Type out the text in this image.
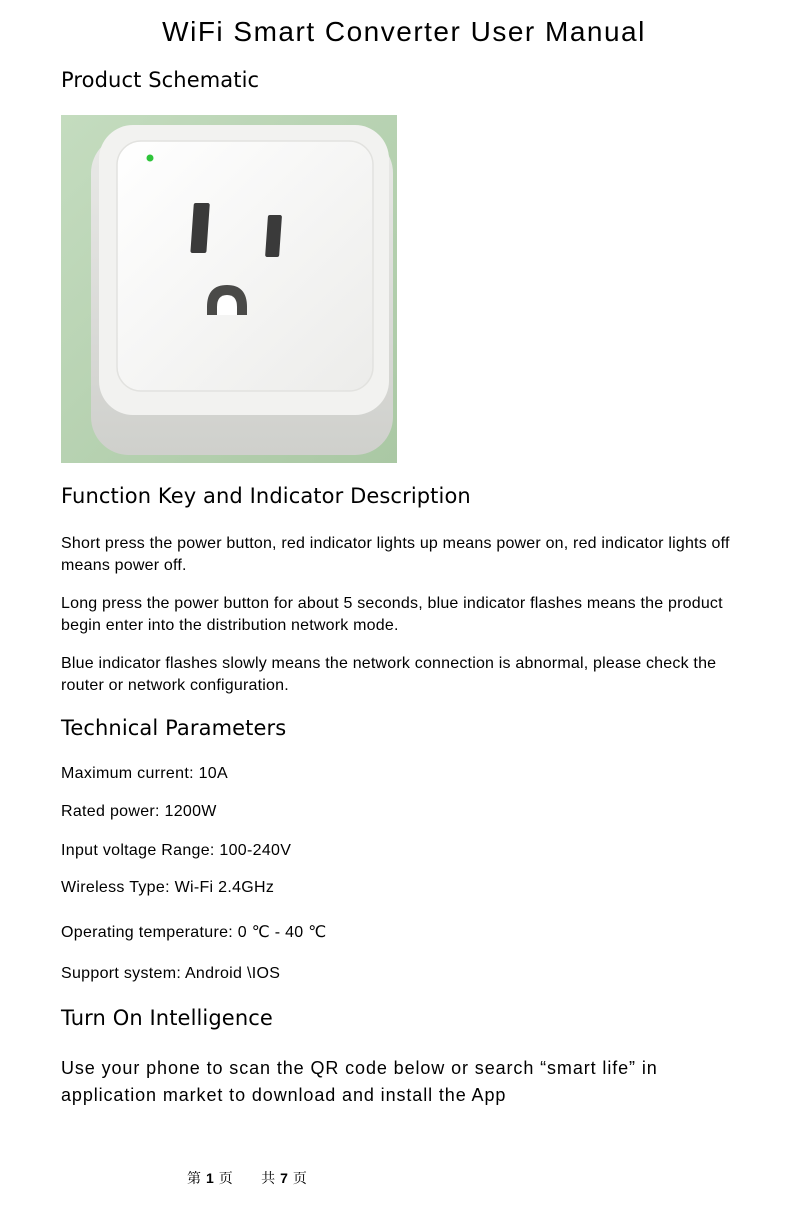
WiFi Smart Converter User Manual
Product Schematic
Function Key and Indicator Description
Short press the power button, red indicator lights up means power on, red indicator lights off means power off.
Long press the power button for about 5 seconds, blue indicator flashes means the product begin enter into the distribution network mode.
Blue indicator flashes slowly means the network connection is abnormal, please check the router or network configuration.
Technical Parameters
Maximum current: 10A
Rated power: 1200W
Input voltage Range: 100-240V
Wireless Type: Wi-Fi 2.4GHz
Operating temperature: 0 ℃ - 40 ℃
Support system: Android \IOS
Turn On Intelligence
Use your phone to scan the QR code below or search “smart life” in application market to download and install the App
第 1 页 共 7 页
